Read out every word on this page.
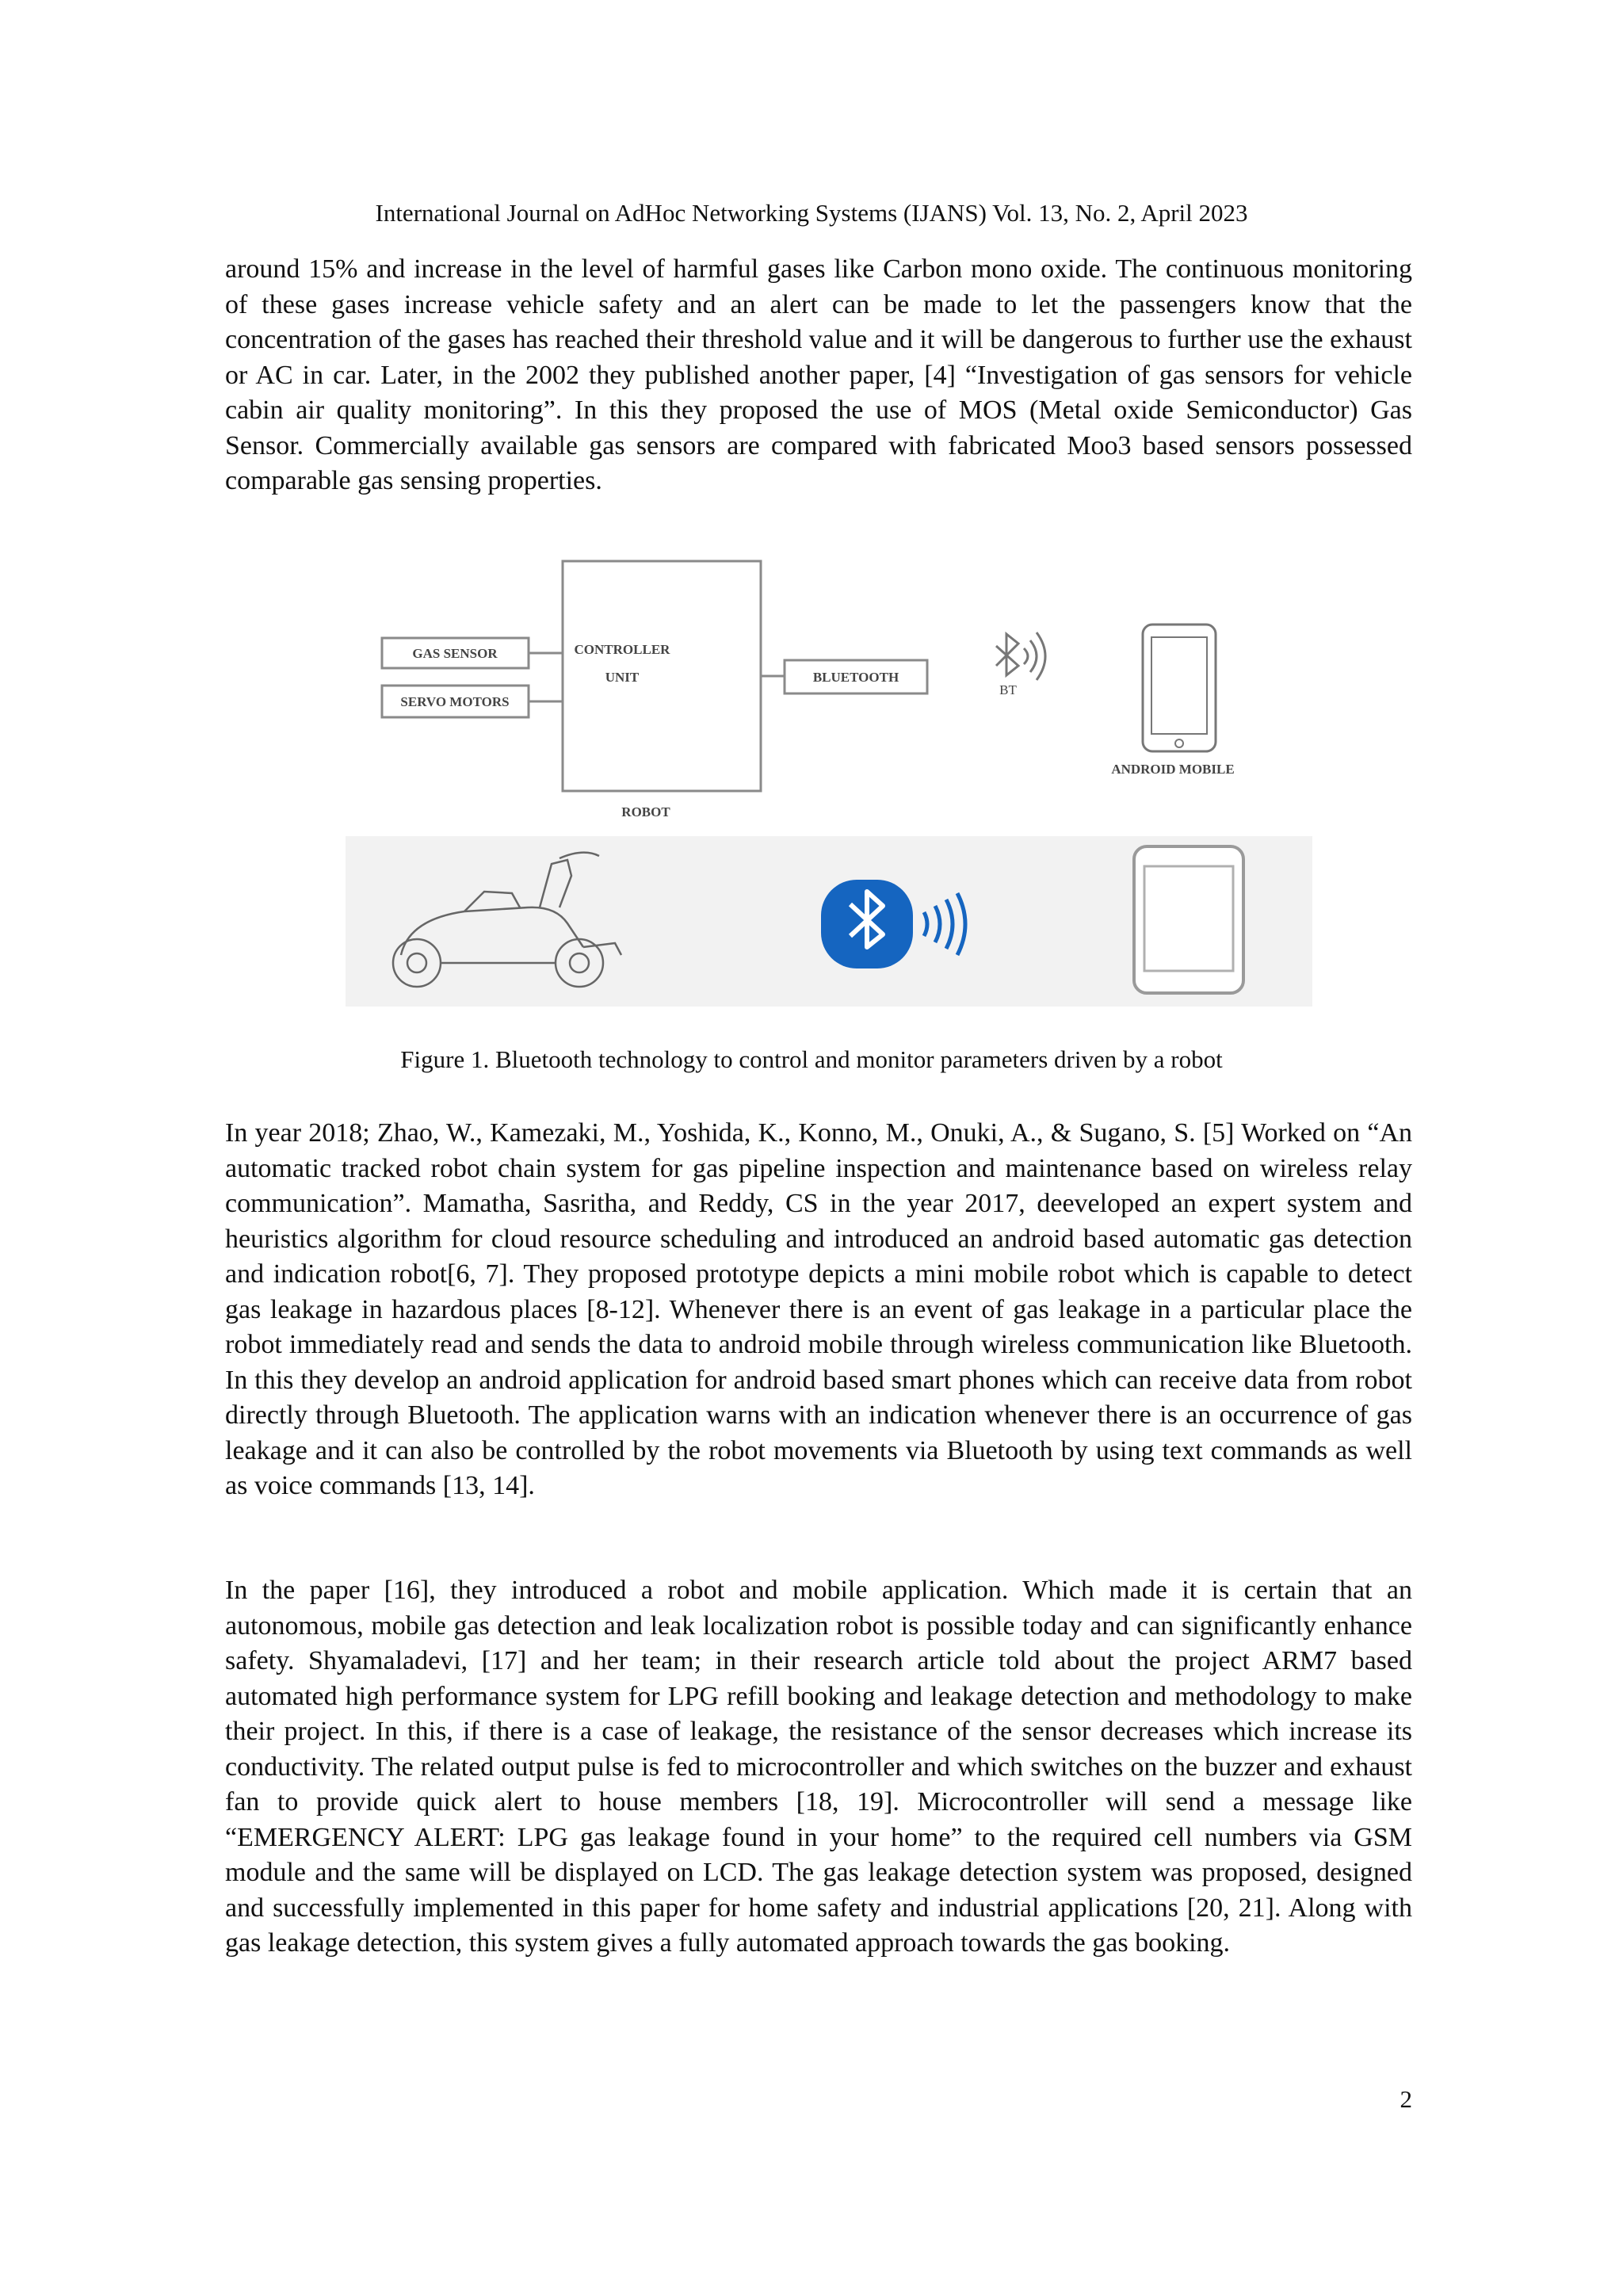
International Journal on AdHoc Networking Systems (IJANS) Vol. 13, No. 2, April 2023

around 15% and increase in the level of harmful gases like Carbon mono oxide. The continuous monitoring of these gases increase vehicle safety and an alert can be made to let the passengers know that the concentration of the gases has reached their threshold value and it will be dangerous to further use the exhaust or AC in car. Later, in the 2002 they published another paper, [4] “Investigation of gas sensors for vehicle cabin air quality monitoring”. In this they proposed the use of MOS (Metal oxide Semiconductor) Gas Sensor. Commercially available gas sensors are compared with fabricated Moo3 based sensors possessed comparable gas sensing properties.

GAS SENSOR
SERVO MOTORS
CONTROLLER
UNIT
ROBOT
BLUETOOTH
BT
ANDROID MOBILE
Figure 1. Bluetooth technology to control and monitor parameters driven by a robot

In year 2018; Zhao, W., Kamezaki, M., Yoshida, K., Konno, M., Onuki, A., & Sugano, S. [5] Worked on “An automatic tracked robot chain system for gas pipeline inspection and maintenance based on wireless relay communication”. Mamatha, Sasritha, and Reddy, CS in the year 2017, deeveloped an expert system and heuristics algorithm for cloud resource scheduling and introduced an android based automatic gas detection and indication robot[6, 7]. They proposed prototype depicts a mini mobile robot which is capable to detect gas leakage in hazardous places [8-12]. Whenever there is an event of gas leakage in a particular place the robot immediately read and sends the data to android mobile through wireless communication like Bluetooth. In this they develop an android application for android based smart phones which can receive data from robot directly through Bluetooth. The application warns with an indication whenever there is an occurrence of gas leakage and it can also be controlled by the robot movements via Bluetooth by using text commands as well as voice commands [13, 14].

In the paper [16], they introduced a robot and mobile application. Which made it is certain that an autonomous, mobile gas detection and leak localization robot is possible today and can significantly enhance safety. Shyamaladevi, [17] and her team; in their research article told about the project ARM7 based automated high performance system for LPG refill booking and leakage detection and methodology to make their project. In this, if there is a case of leakage, the resistance of the sensor decreases which increase its conductivity. The related output pulse is fed to microcontroller and which switches on the buzzer and exhaust fan to provide quick alert to house members [18, 19]. Microcontroller will send a message like “EMERGENCY ALERT: LPG gas leakage found in your home” to the required cell numbers via GSM module and the same will be displayed on LCD. The gas leakage detection system was proposed, designed and successfully implemented in this paper for home safety and industrial applications [20, 21]. Along with gas leakage detection, this system gives a fully automated approach towards the gas booking.

2
